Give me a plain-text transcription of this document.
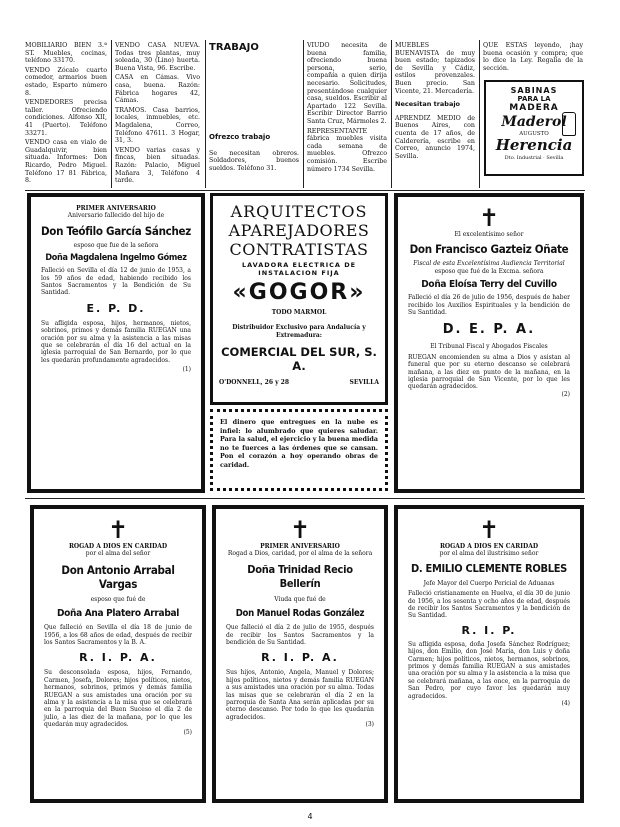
MOBILIARIO BIEN 3.ª ST. Muebles, cocinas, teléfono 33170.

VENDO Zócalo cuarto comedor, armarios buen estado, Esparto número 8.

VENDEDORES precisa taller. Ofreciendo condiciones. Alfonso XII, 41 (Puerto). Teléfono 33271.

VENDO casa en vialo de Guadalquivir, bien situada. Informes: Don Ricardo, Pedro Miguel. Teléfono 17 81 Fábrica, 8.

VENDO CASA NUEVA. Todas tres plantas, muy soleada, 30 (Lino) huerta. Buena Vista, 96. Escribe.

CASA en Cámas. Vivo casa, buena. Razón: Fábrica hogares 42, Cámas.

TRAMOS. Casa barrios, locales, inmuebles, etc. Magdalena, Correo, Teléfono 47611. 3 Hogar, 31, 3.

VENDO varias casas y fincas, bien situadas. Razón: Palacio, Miguel Mañara 3, Teléfono 4 tarde.

TRABAJO
Ofrezco trabajo

Se necesitan obreros. Soldadores, buenos sueldos. Teléfono 31.

VIUDO necesita de buena familia, ofreciendo buena persona, serio, compañía a quien dirija necesario. Solicitudes, presentándose cualquier casa, sueldos. Escribir al Apartado 122 Sevilla. Escribir Director Barrio Santa Cruz, Mármoles 2.

REPRESENTANTE fábrica muebles visita cada semana de muebles. Ofrezco comisión. Escribe número 1734 Sevilla.

MUEBLES BUENAVISTA de muy buen estado; tapizados de Sevilla y Cádiz, estilos provenzales. Buen precio. San Vicente, 21. Mercadería.

Necesitan trabajo

APRENDIZ MEDIO de Buenos Aires, con cuenta de 17 años, de Calderería, escribe en Correo, anuncio 1974, Sevilla.

QUE ESTAS leyendo, ¡hay buena ocasión y compra; que lo dice la Ley. Regalía de la sección.

SABINAS
PARA LA
MADERA
Maderol
AUGUSTO
Herencia
Dto. Industrial · Sevilla
PRIMER ANIVERSARIO
Aniversario fallecido del hijo de
Don Teófilo García Sánchez
esposo que fue de la señora
Doña Magdalena Ingelmo Gómez
Falleció en Sevilla el día 12 de junio de 1953, a los 59 años de edad, habiendo recibido los Santos Sacramentos y la Bendición de Su Santidad.
E. P. D.
Su afligida esposa, hijos, hermanos, nietos, sobrinos, primos y demás familia RUEGAN una oración por su alma y la asistencia a las misas que se celebrarán el día 16 del actual en la iglesia parroquial de San Bernardo, por lo que les quedarán profundamente agradecidos.
(1)
ARQUITECTOS
APAREJADORES
CONTRATISTAS
LAVADORA ELECTRICA DE
INSTALACION FIJA
«GOGOR»
TODO MARMOL
Distribuidor Exclusivo para Andalucía y Extremadura:
COMERCIAL DEL SUR, S. A.
O'DONNELL, 26 y 28	SEVILLA
El dinero que entregues en la nube es infiel: lo alumbrado que quieres saludar. Para la salud, el ejercicio y la buena medida no te fuerces a las órdenes que se cansan. Pon el corazón a hoy operando obras de caridad.
✝
El excelentísimo señor
Don Francisco Gazteiz Oñate
Fiscal de esta Excelentísima Audiencia Territorial
esposo que fué de la Excma. señora
Doña Eloísa Terry del Cuvillo
Falleció el día 26 de julio de 1956, después de haber recibido los Auxilios Espirituales y la bendición de Su Santidad.
D. E. P. A.
El Tribunal Fiscal y Abogados Fiscales
RUEGAN encomienden su alma a Dios y asistan al funeral que por su eterno descanso se celebrará mañana, a las diez en punto de la mañana, en la iglesia parroquial de San Vicente, por lo que les quedarán agradecidos.
(2)
✝
ROGAD A DIOS EN CARIDAD
por el alma del señor
Don Antonio Arrabal Vargas
esposo que fué de
Doña Ana Platero Arrabal
Que falleció en Sevilla el día 18 de junio de 1956, a los 68 años de edad, después de recibir los Santos Sacramentos y la B. A.
R. I. P. A.
Su desconsolada esposa, hijos, Fernando, Carmen, Josefa, Dolores; hijos políticos, nietos, hermanos, sobrinos, primos y demás familia RUEGAN a sus amistades una oración por su alma y la asistencia a la misa que se celebrará en la parroquia del Buen Suceso el día 2 de julio, a las diez de la mañana, por lo que les quedarán muy agradecidos.
(5)
✝
PRIMER ANIVERSARIO
Rogad a Dios, caridad, por el alma de la señora
Doña Trinidad Recio Bellerín
Viuda que fué de
Don Manuel Rodas González
Que falleció el día 2 de julio de 1955, después de recibir los Santos Sacramentos y la bendición de Su Santidad.
R. I. P. A.
Sus hijos, Antonio, Angela, Manuel y Dolores; hijos políticos, nietos y demás familia RUEGAN a sus amistades una oración por su alma. Todas las misas que se celebrarán el día 2 en la parroquia de Santa Ana serán aplicadas por su eterno descanso. Por todo lo que les quedarán agradecidos.
(3)
✝
ROGAD A DIOS EN CARIDAD
por el alma del ilustrísimo señor
D. EMILIO CLEMENTE ROBLES
Jefe Mayor del Cuerpo Pericial de Aduanas
Falleció cristianamente en Huelva, el día 30 de junio de 1956, a los sesenta y ocho años de edad, después de recibir los Santos Sacramentos y la bendición de Su Santidad.
R. I. P.
Su afligida esposa, doña Josefa Sánchez Rodríguez; hijos, don Emilio, don José María, don Luis y doña Carmen; hijos políticos, nietos, hermanos, sobrinos, primos y demás familia RUEGAN a sus amistades una oración por su alma y la asistencia a la misa que se celebrará mañana, a las once, en la parroquia de San Pedro, por cuyo favor les quedarán muy agradecidos.
(4)
4
